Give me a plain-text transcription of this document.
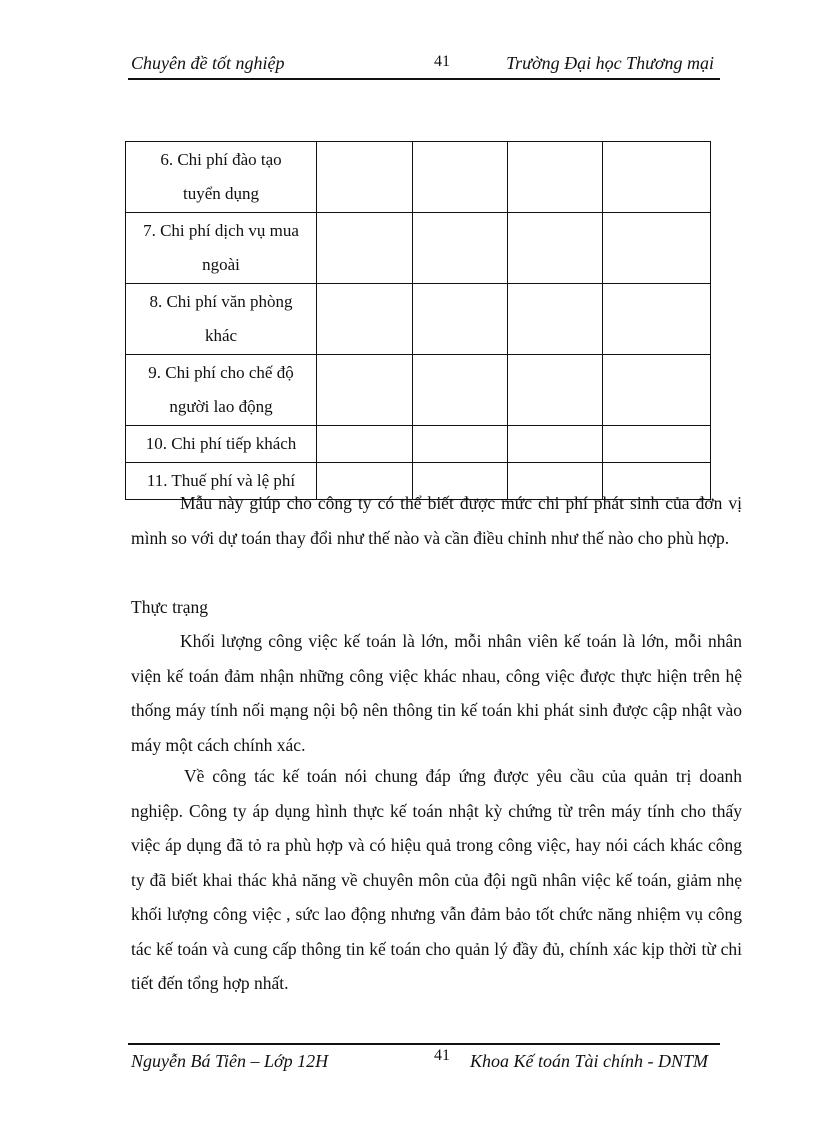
Chuyên đề tốt nghiệp	41	Trường Đại học Thương mại
6. Chi phí đào tạo
tuyển dụng				
7. Chi phí dịch vụ mua
ngoài				
8. Chi phí văn phòng
khác				
9. Chi phí cho chế độ
người lao động				
10. Chi phí tiếp khách				
11. Thuế phí và lệ phí				

Mẫu này giúp cho công ty có thể biết được mức chi phí phát sinh của đơn vị mình so với dự toán thay đổi như thế nào và cần điều chỉnh như thế nào cho phù hợp.

Thực trạng

Khối lượng công việc kế toán là lớn, mỗi nhân viên kế toán là lớn, mỗi nhân viện kế toán đảm nhận những công việc khác nhau, công việc được thực hiện trên hệ thống máy tính nối mạng nội bộ nên thông tin kế toán khi phát sinh được cập nhật vào máy một cách chính xác.

Về công tác kế toán nói chung đáp ứng được yêu cầu của quản trị doanh nghiệp. Công ty áp dụng hình thực kế toán nhật kỳ chứng từ trên máy tính cho thấy việc áp dụng đã tỏ ra phù hợp và có hiệu quả trong công việc, hay nói cách khác công ty đã biết khai thác khả năng về chuyên môn của đội ngũ nhân việc kế toán, giảm nhẹ khối lượng công việc , sức lao động nhưng vẫn đảm bảo tốt chức năng nhiệm vụ công tác kế toán và cung cấp thông tin kế toán cho quản lý đầy đủ, chính xác kịp thời từ chi tiết đến tổng hợp nhất.

Nguyễn Bá Tiên – Lớp 12H	41 Khoa Kế toán Tài chính - DNTM
